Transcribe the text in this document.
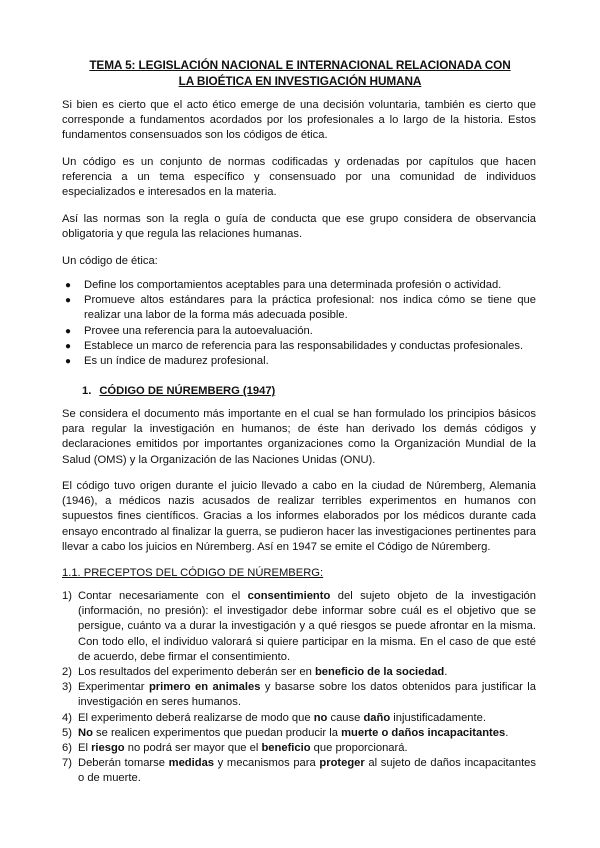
TEMA 5: LEGISLACIÓN NACIONAL E INTERNACIONAL RELACIONADA CON
LA BIOÉTICA EN INVESTIGACIÓN HUMANA

Si bien es cierto que el acto ético emerge de una decisión voluntaria, también es cierto que corresponde a fundamentos acordados por los profesionales a lo largo de la historia. Estos fundamentos consensuados son los códigos de ética.

Un código es un conjunto de normas codificadas y ordenadas por capítulos que hacen referencia a un tema específico y consensuado por una comunidad de individuos especializados e interesados en la materia.

Así las normas son la regla o guía de conducta que ese grupo considera de observancia obligatoria y que regula las relaciones humanas.

Un código de ética:

● Define los comportamientos aceptables para una determinada profesión o actividad.
● Promueve altos estándares para la práctica profesional: nos indica cómo se tiene que realizar una labor de la forma más adecuada posible.
● Provee una referencia para la autoevaluación.
● Establece un marco de referencia para las responsabilidades y conductas profesionales.
● Es un índice de madurez profesional.
1. CÓDIGO DE NÚREMBERG (1947)

Se considera el documento más importante en el cual se han formulado los principios básicos para regular la investigación en humanos; de éste han derivado los demás códigos y declaraciones emitidos por importantes organizaciones como la Organización Mundial de la Salud (OMS) y la Organización de las Naciones Unidas (ONU).

El código tuvo origen durante el juicio llevado a cabo en la ciudad de Núremberg, Alemania (1946), a médicos nazis acusados de realizar terribles experimentos en humanos con supuestos fines científicos. Gracias a los informes elaborados por los médicos durante cada ensayo encontrado al finalizar la guerra, se pudieron hacer las investigaciones pertinentes para llevar a cabo los juicios en Núremberg. Así en 1947 se emite el Código de Núremberg.

1.1. PRECEPTOS DEL CÓDIGO DE NÚREMBERG:
1) Contar necesariamente con el consentimiento del sujeto objeto de la investigación (información, no presión): el investigador debe informar sobre cuál es el objetivo que se persigue, cuánto va a durar la investigación y a qué riesgos se puede afrontar en la misma. Con todo ello, el individuo valorará si quiere participar en la misma. En el caso de que esté de acuerdo, debe firmar el consentimiento.
2) Los resultados del experimento deberán ser en beneficio de la sociedad.
3) Experimentar primero en animales y basarse sobre los datos obtenidos para justificar la investigación en seres humanos.
4) El experimento deberá realizarse de modo que no cause daño injustificadamente.
5) No se realicen experimentos que puedan producir la muerte o daños incapacitantes.
6) El riesgo no podrá ser mayor que el beneficio que proporcionará.
7) Deberán tomarse medidas y mecanismos para proteger al sujeto de daños incapacitantes o de muerte.
